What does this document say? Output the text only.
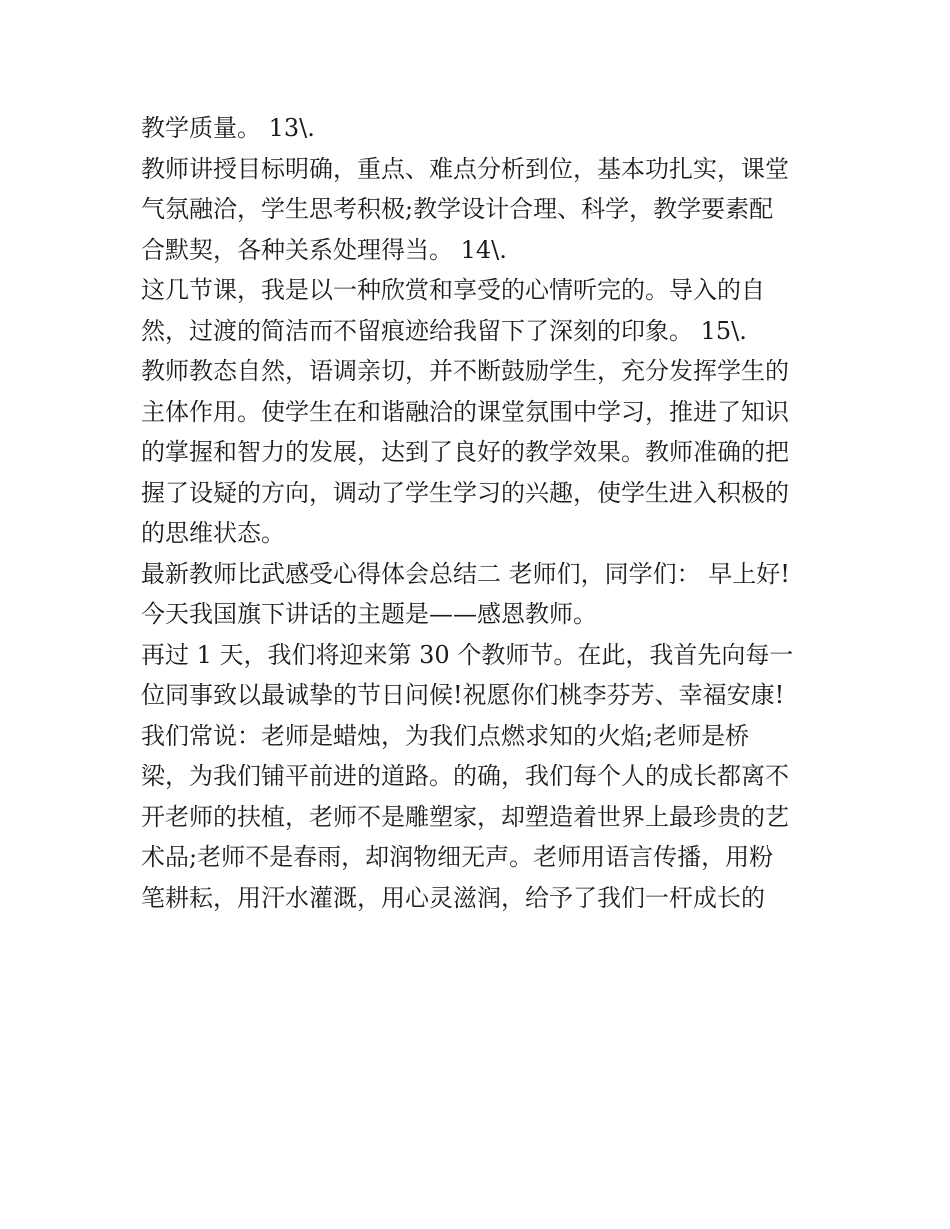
教学质量。 13\.
教师讲授目标明确，重点、难点分析到位，基本功扎实，课堂
气氛融洽，学生思考积极;教学设计合理、科学，教学要素配
合默契，各种关系处理得当。 14\.
这几节课，我是以一种欣赏和享受的心情听完的。导入的自
然，过渡的简洁而不留痕迹给我留下了深刻的印象。 15\.
教师教态自然，语调亲切，并不断鼓励学生，充分发挥学生的
主体作用。使学生在和谐融洽的课堂氛围中学习，推进了知识
的掌握和智力的发展，达到了良好的教学效果。教师准确的把
握了设疑的方向，调动了学生学习的兴趣，使学生进入积极的
的思维状态。
最新教师比武感受心得体会总结二 老师们，同学们： 早上好!
今天我国旗下讲话的主题是——感恩教师。
再过 1 天，我们将迎来第 30 个教师节。在此，我首先向每一
位同事致以最诚挚的节日问候!祝愿你们桃李芬芳、幸福安康!
我们常说：老师是蜡烛，为我们点燃求知的火焰;老师是桥
梁，为我们铺平前进的道路。的确，我们每个人的成长都离不
开老师的扶植，老师不是雕塑家，却塑造着世界上最珍贵的艺
术品;老师不是春雨，却润物细无声。老师用语言传播，用粉
笔耕耘，用汗水灌溉，用心灵滋润，给予了我们一杆成长的
